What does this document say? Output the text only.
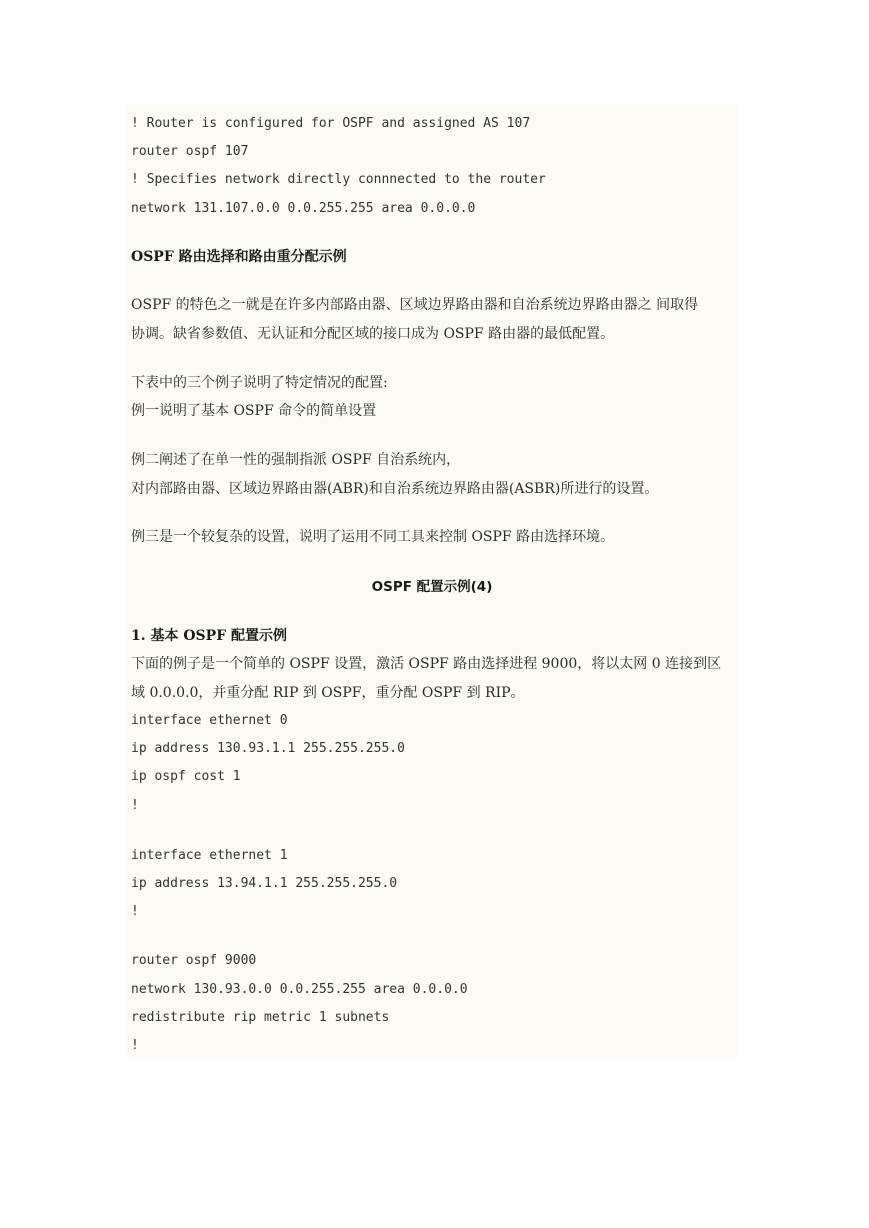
! Router is configured for OSPF and assigned AS 107
router ospf 107
! Specifies network directly connnected to the router
network 131.107.0.0 0.0.255.255 area 0.0.0.0
OSPF 路由选择和路由重分配示例
OSPF 的特色之一就是在许多内部路由器、区域边界路由器和自治系统边界路由器之 间取得
协调。缺省参数值、无认证和分配区域的接口成为 OSPF 路由器的最低配置。
下表中的三个例子说明了特定情况的配置:
例一说明了基本 OSPF 命令的简单设置
例二阐述了在单一性的强制指派 OSPF 自治系统内，
对内部路由器、区域边界路由器(ABR)和自治系统边界路由器(ASBR)所进行的设置。
例三是一个较复杂的设置，说明了运用不同工具来控制 OSPF 路由选择环境。
OSPF 配置示例(4)
1. 基本 OSPF 配置示例
下面的例子是一个简单的 OSPF 设置，激活 OSPF 路由选择进程 9000，将以太网 0 连接到区
域 0.0.0.0，并重分配 RIP 到 OSPF，重分配 OSPF 到 RIP。
interface ethernet 0
ip address 130.93.1.1 255.255.255.0
ip ospf cost 1
!
interface ethernet 1
ip address 13.94.1.1 255.255.255.0
!
router ospf 9000
network 130.93.0.0 0.0.255.255 area 0.0.0.0
redistribute rip metric 1 subnets
!
